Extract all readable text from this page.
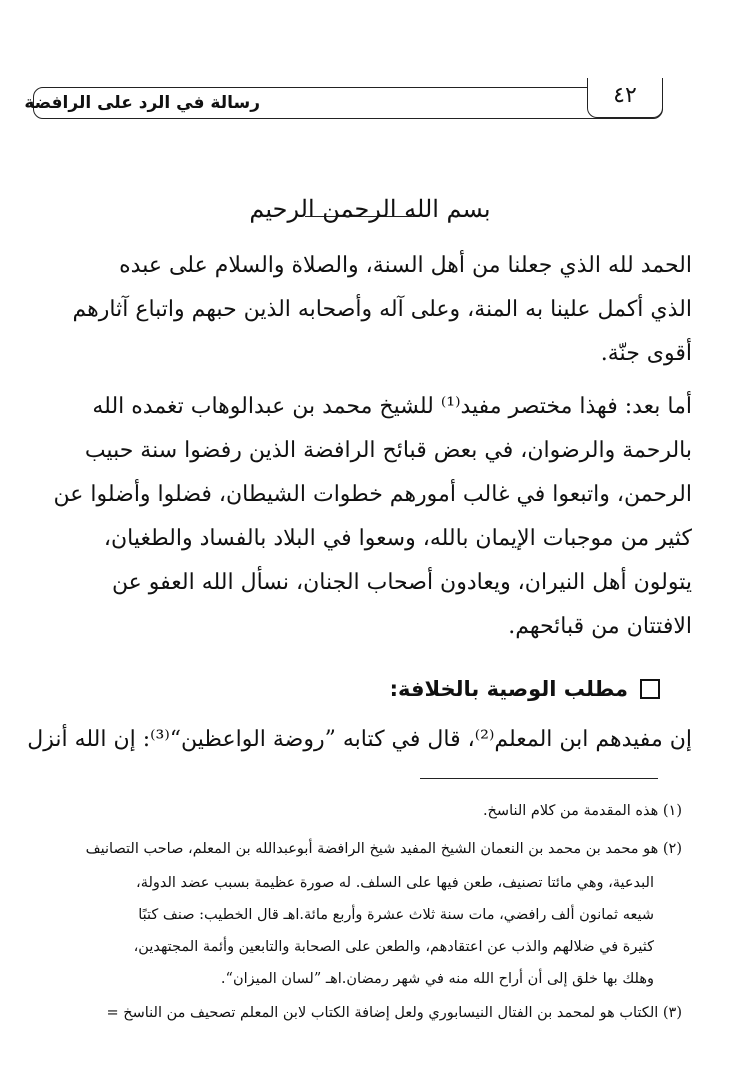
رسالة في الرد على الرافضة	٤٢
بسم الله الرحمن الرحيم
الحمد لله الذي جعلنا من أهل السنة، والصلاة والسلام على عبده
الذي أكمل علينا به المنة، وعلى آله وأصحابه الذين حبهم واتباع آثارهم
أقوى جنّة.
أما بعد: فهذا مختصر مفيد⁽¹⁾ للشيخ محمد بن عبدالوهاب تغمده الله
بالرحمة والرضوان، في بعض قبائح الرافضة الذين رفضوا سنة حبيب
الرحمن، واتبعوا في غالب أمورهم خطوات الشيطان، فضلوا وأضلوا عن
كثير من موجبات الإيمان بالله، وسعوا في البلاد بالفساد والطغيان،
يتولون أهل النيران، ويعادون أصحاب الجنان، نسأل الله العفو عن
الافتتان من قبائحهم.
مطلب الوصية بالخلافة:
إن مفيدهم ابن المعلم⁽²⁾، قال في كتابه ”روضة الواعظين“⁽³⁾: إن الله أنزل
(١) هذه المقدمة من كلام الناسخ.
(٢) هو محمد بن محمد بن النعمان الشيخ المفيد شيخ الرافضة أبوعبدالله بن المعلم، صاحب التصانيف
البدعية، وهي مائتا تصنيف، طعن فيها على السلف. له صورة عظيمة بسبب عضد الدولة،
شيعه ثمانون ألف رافضي، مات سنة ثلاث عشرة وأربع مائة.اهـ قال الخطيب: صنف كتبًا
كثيرة في ضلالهم والذب عن اعتقادهم، والطعن على الصحابة والتابعين وأئمة المجتهدين،
وهلك بها خلق إلى أن أراح الله منه في شهر رمضان.اهـ ”لسان الميزان“.
(٣) الكتاب هو لمحمد بن الفتال النيسابوري ولعل إضافة الكتاب لابن المعلم تصحيف من الناسخ =
